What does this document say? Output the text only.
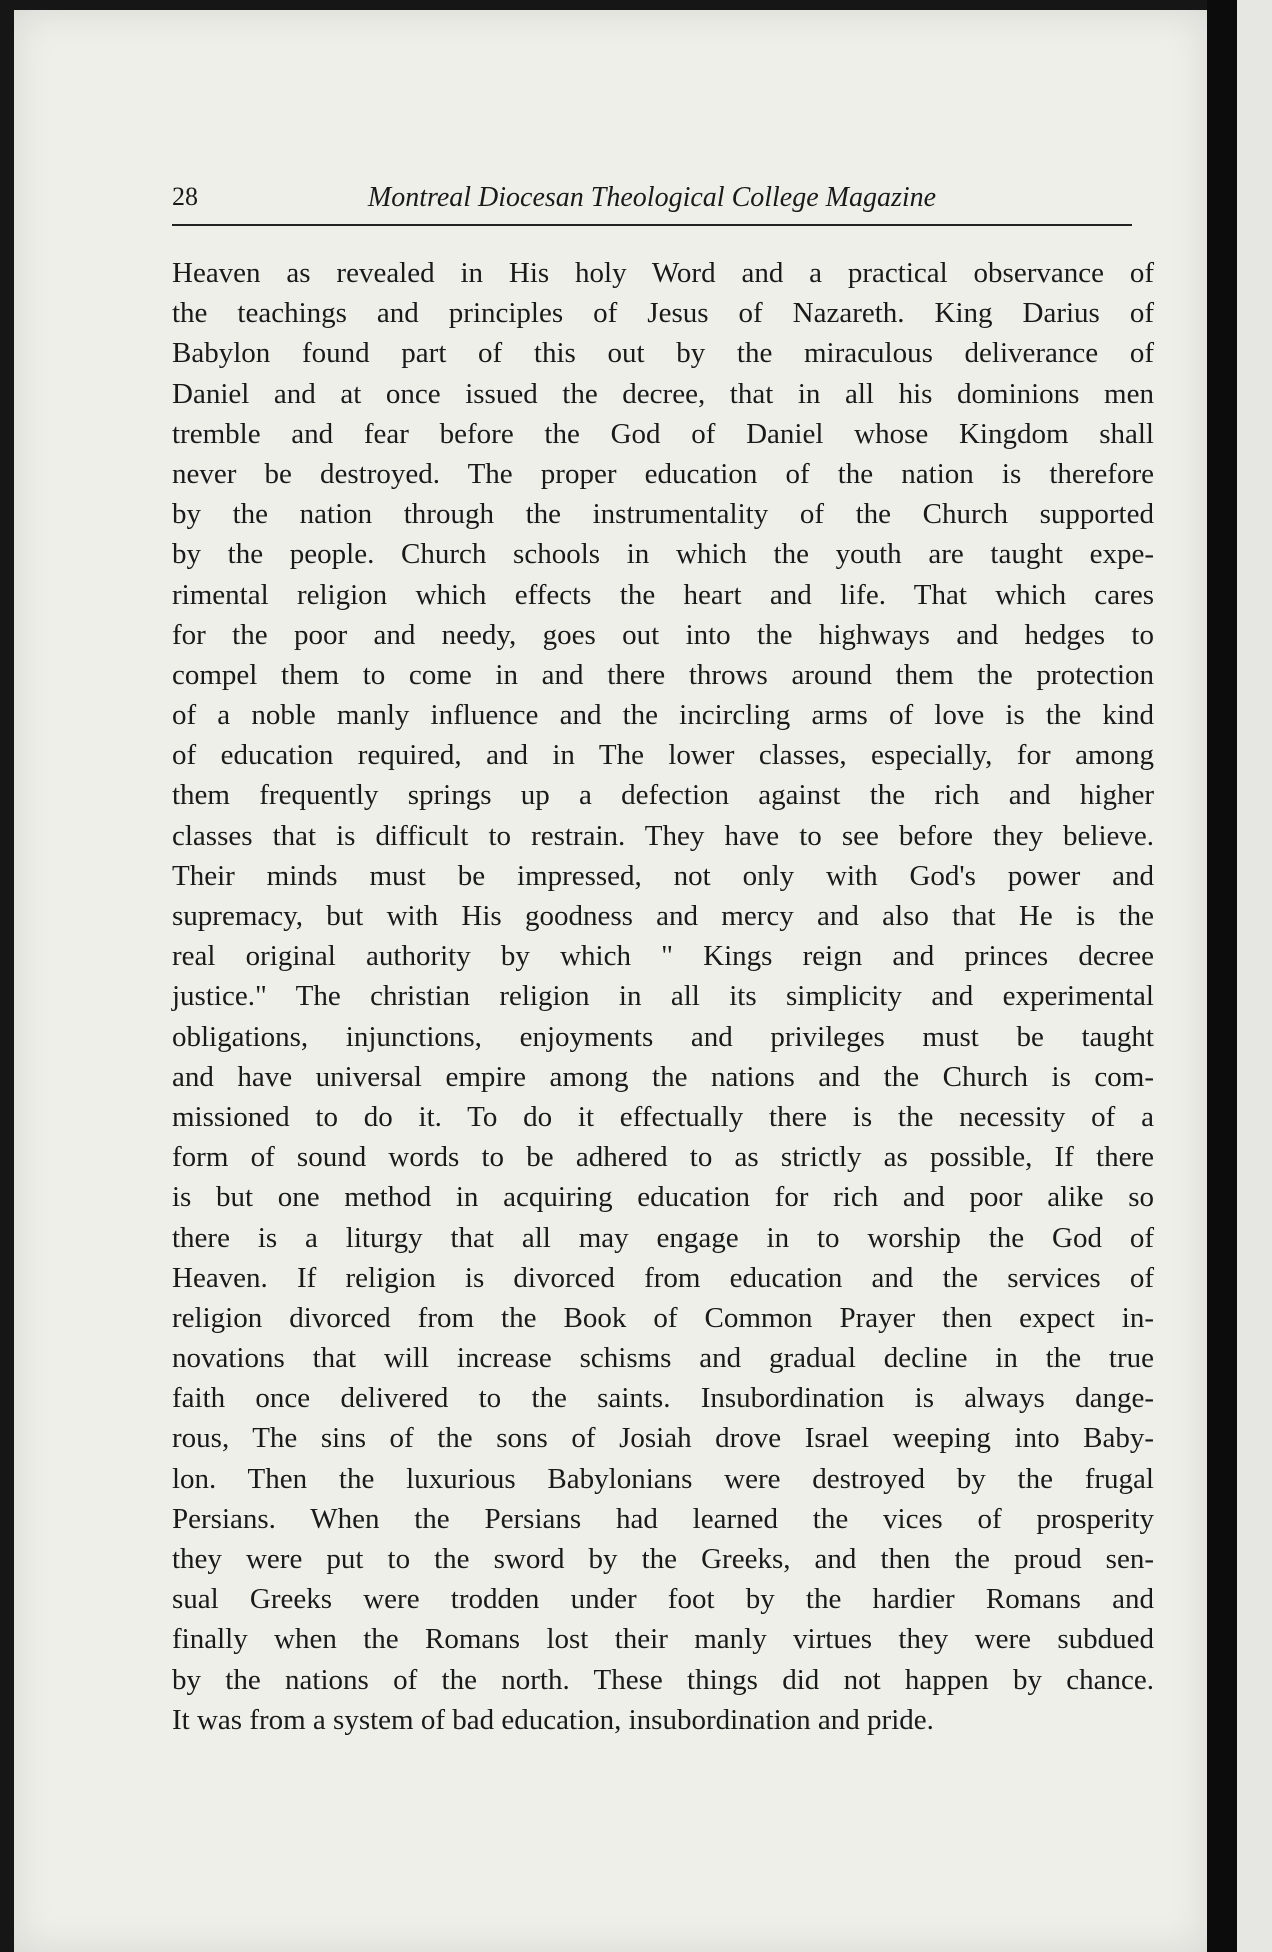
28	Montreal Diocesan Theological College Magazine
Heaven as revealed in His holy Word and a practical observance of
the teachings and principles of Jesus of Nazareth. King Darius of
Babylon found part of this out by the miraculous deliverance of
Daniel and at once issued the decree, that in all his dominions men
tremble and fear before the God of Daniel whose Kingdom shall
never be destroyed. The proper education of the nation is therefore
by the nation through the instrumentality of the Church supported
by the people. Church schools in which the youth are taught expe-
rimental religion which effects the heart and life. That which cares
for the poor and needy, goes out into the highways and hedges to
compel them to come in and there throws around them the protection
of a noble manly influence and the incircling arms of love is the kind
of education required, and in The lower classes, especially, for among
them frequently springs up a defection against the rich and higher
classes that is difficult to restrain. They have to see before they believe.
Their minds must be impressed, not only with God's power and
supremacy, but with His goodness and mercy and also that He is the
real original authority by which " Kings reign and princes decree
justice." The christian religion in all its simplicity and experimental
obligations, injunctions, enjoyments and privileges must be taught
and have universal empire among the nations and the Church is com-
missioned to do it. To do it effectually there is the necessity of a
form of sound words to be adhered to as strictly as possible, If there
is but one method in acquiring education for rich and poor alike so
there is a liturgy that all may engage in to worship the God of
Heaven. If religion is divorced from education and the services of
religion divorced from the Book of Common Prayer then expect in-
novations that will increase schisms and gradual decline in the true
faith once delivered to the saints. Insubordination is always dange-
rous, The sins of the sons of Josiah drove Israel weeping into Baby-
lon. Then the luxurious Babylonians were destroyed by the frugal
Persians. When the Persians had learned the vices of prosperity
they were put to the sword by the Greeks, and then the proud sen-
sual Greeks were trodden under foot by the hardier Romans and
finally when the Romans lost their manly virtues they were subdued
by the nations of the north. These things did not happen by chance.
It was from a system of bad education, insubordination and pride.
